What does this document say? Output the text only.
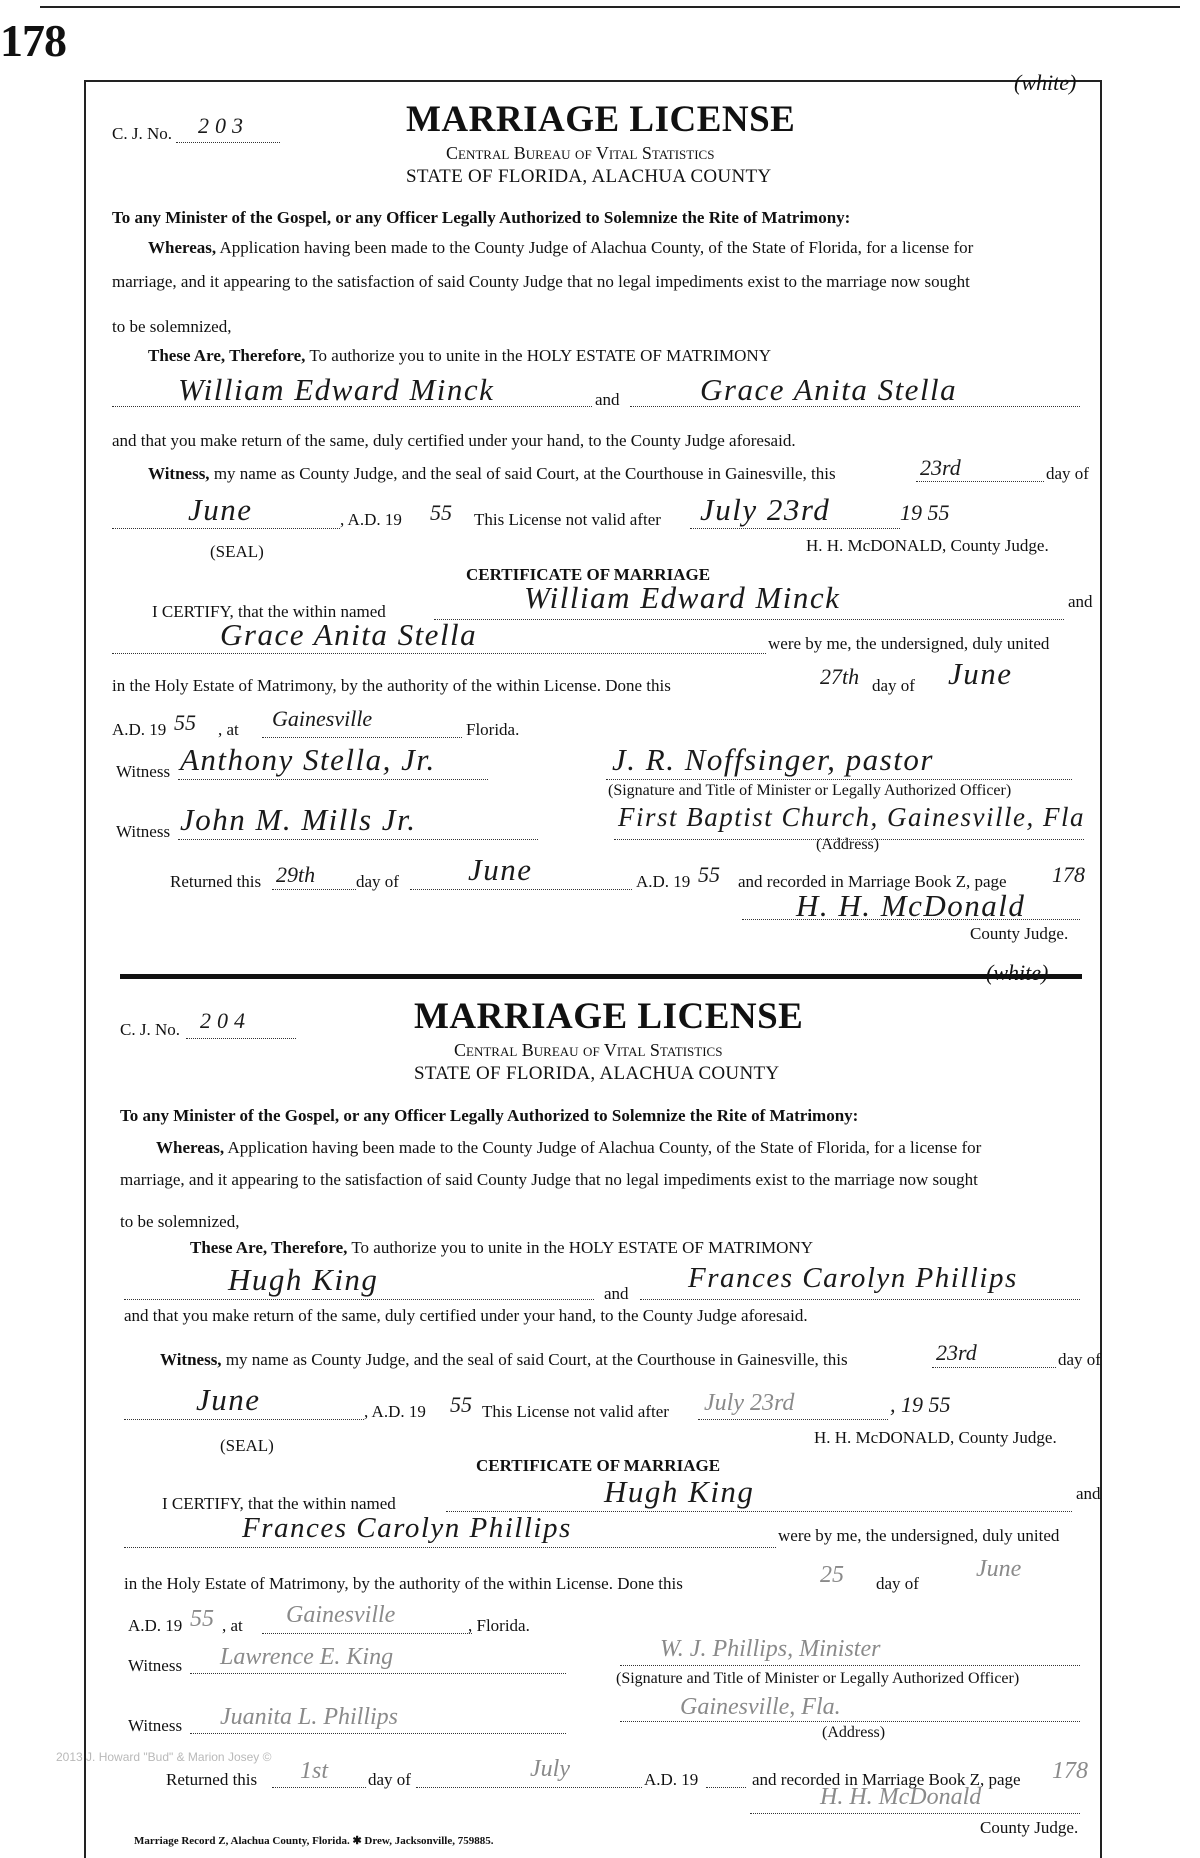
178
(white)
C. J. No. 203	MARRIAGE LICENSE
Central Bureau of Vital Statistics
STATE OF FLORIDA, ALACHUA COUNTY
To any Minister of the Gospel, or any Officer Legally Authorized to Solemnize the Rite of Matrimony:
Whereas, Application having been made to the County Judge of Alachua County, of the State of Florida, for a license for
marriage, and it appearing to the satisfaction of said County Judge that no legal impediments exist to the marriage now sought
to be solemnized,
These Are, Therefore, To authorize you to unite in the HOLY ESTATE OF MATRIMONY
William Edward Minck	and	Grace Anita Stella
and that you make return of the same, duly certified under your hand, to the County Judge aforesaid.
Witness, my name as County Judge, and the seal of said Court, at the Courthouse in Gainesville, this	23rd	day of
June	, A.D. 19 55 This License not valid after July 23rd	19 55
(SEAL)	H. H. McDONALD, County Judge.
CERTIFICATE OF MARRIAGE
I CERTIFY, that the within named	William Edward Minck	and
Grace Anita Stella	were by me, the undersigned, duly united
in the Holy Estate of Matrimony, by the authority of the within License. Done this	27th day of June
A.D. 19 55 , at Gainesville	Florida.
Witness Anthony Stella, Jr.	J. R. Noffsinger, pastor
(Signature and Title of Minister or Legally Authorized Officer)
Witness John M. Mills Jr.	First Baptist Church, Gainesville, Fla
(Address)
Returned this 29th day of June	A.D. 19 55 and recorded in Marriage Book Z, page 178
H. H. McDonald
County Judge.
(white)
C. J. No. 204	MARRIAGE LICENSE
Central Bureau of Vital Statistics
STATE OF FLORIDA, ALACHUA COUNTY
To any Minister of the Gospel, or any Officer Legally Authorized to Solemnize the Rite of Matrimony:
Whereas, Application having been made to the County Judge of Alachua County, of the State of Florida, for a license for
marriage, and it appearing to the satisfaction of said County Judge that no legal impediments exist to the marriage now sought
to be solemnized,
These Are, Therefore, To authorize you to unite in the HOLY ESTATE OF MATRIMONY
Hugh King	and Frances Carolyn Phillips
and that you make return of the same, duly certified under your hand, to the County Judge aforesaid.
Witness, my name as County Judge, and the seal of said Court, at the Courthouse in Gainesville, this	23rd	day of
June	, A.D. 19 55 This License not valid after July 23rd	, 19 55
(SEAL)	H. H. McDONALD, County Judge.
CERTIFICATE OF MARRIAGE
I CERTIFY, that the within named	Hugh King	and
Frances Carolyn Phillips	were by me, the undersigned, duly united
in the Holy Estate of Matrimony, by the authority of the within License. Done this	25 day of
June
A.D. 19 55 , at Gainesville	, Florida.
Witness Lawrence E. King	W. J. Phillips, Minister
(Signature and Title of Minister or Legally Authorized Officer)
Witness Juanita L. Phillips	Gainesville, Fla.
(Address)
2013 J. Howard "Bud" & Marion Josey ©
Returned this 1st day of	July	A.D. 19	and recorded in Marriage Book Z, page 178
H. H. McDonald
Marriage Record Z, Alachua County, Florida. ✱ Drew, Jacksonville, 759885.
County Judge.
